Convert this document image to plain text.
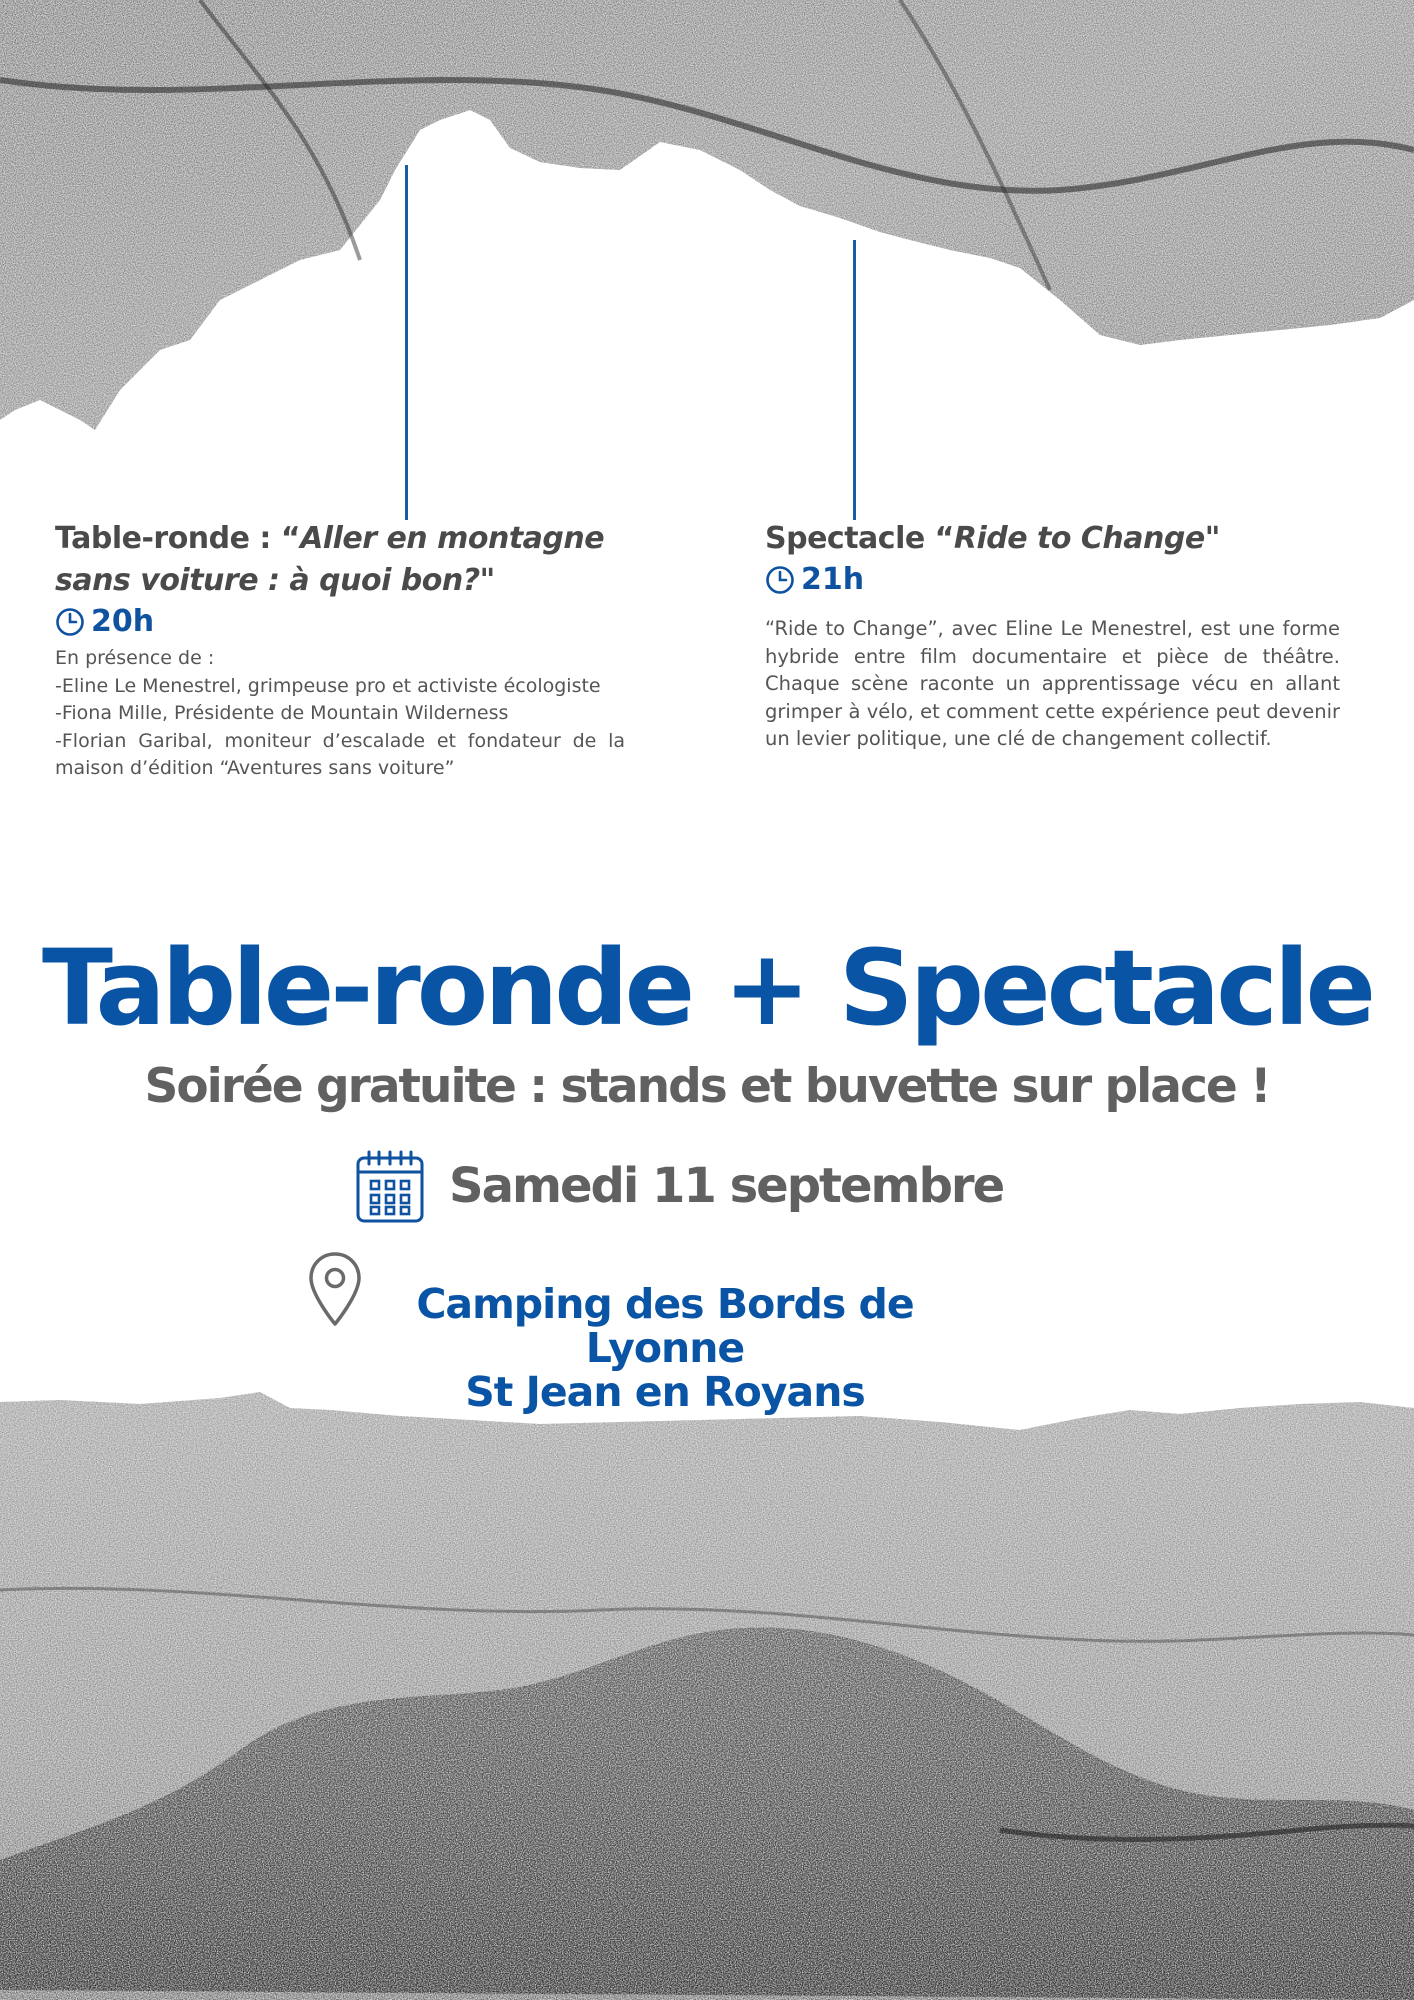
Table-ronde : “Aller en montagne sans voiture : à quoi bon?"
20h
En présence de :
-Eline Le Menestrel, grimpeuse pro et activiste écologiste
-Fiona Mille, Présidente de Mountain Wilderness
-Florian Garibal, moniteur d’escalade et fondateur de la maison d’édition “Aventures sans voiture”
Spectacle “Ride to Change"
21h
“Ride to Change”, avec Eline Le Menestrel, est une forme hybride entre film documentaire et pièce de théâtre. Chaque scène raconte un apprentissage vécu en allant grimper à vélo, et comment cette expérience peut devenir un levier politique, une clé de changement collectif.
Table-ronde + Spectacle
Soirée gratuite : stands et buvette sur place !
Samedi 11 septembre
Camping des Bords de Lyonne
St Jean en Royans
